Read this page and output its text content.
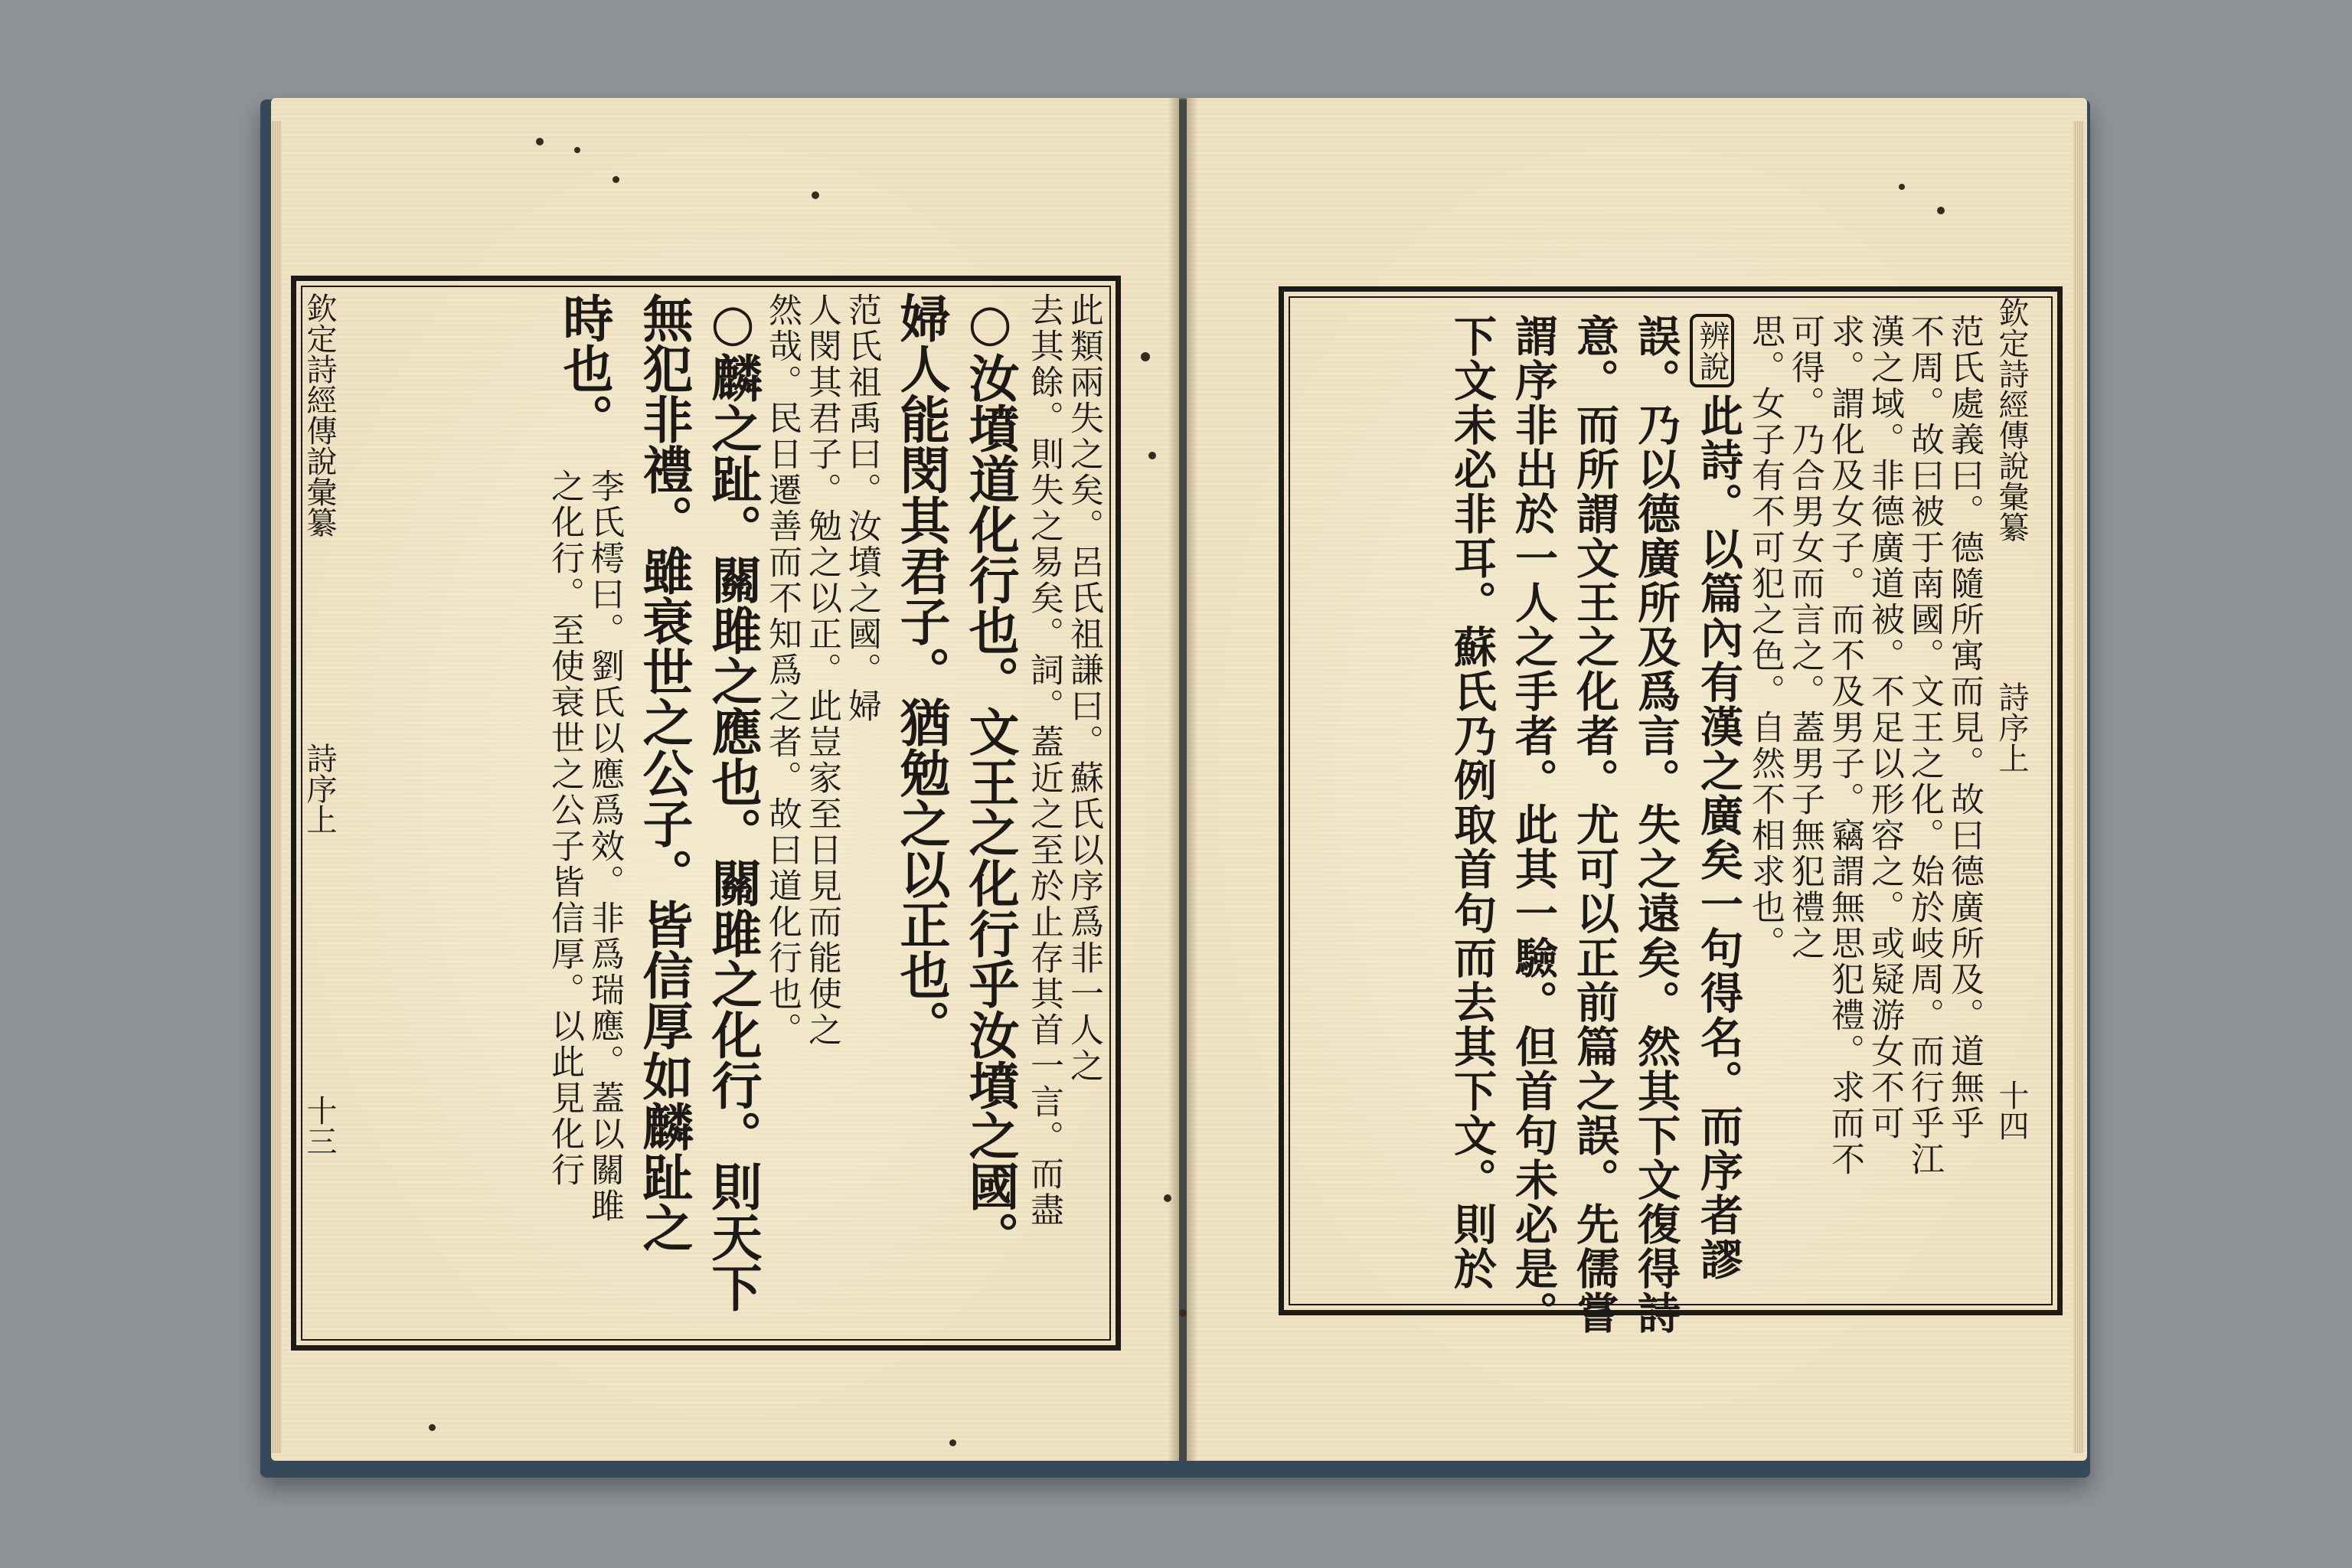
欽定詩經傳說彙纂
詩序上
十三
此類兩失之矣。呂氏祖謙曰。蘇氏以序爲非一人之
去其餘。則失之易矣。詞。蓋近之至於止存其首一言。而盡
○汝墳道化行也。文王之化行乎汝墳之國。
婦人能閔其君子。猶勉之以正也。
范氏祖禹曰。汝墳之國。婦
人閔其君子。勉之以正。此豈家至日見而能使之
然哉。民日遷善而不知爲之者。故曰道化行也。
○麟之趾。關雎之應也。關雎之化行。則天下
無犯非禮。雖衰世之公子。皆信厚如麟趾之
時也。
李氏樗曰。劉氏以應爲效。非爲瑞應。蓋以關雎
之化行。至使衰世之公子皆信厚。以此見化行
欽定詩經傳說彙纂
詩序上
十四
范氏處義曰。德隨所寓而見。故曰德廣所及。道無乎
不周。故曰被于南國。文王之化。始於岐周。而行乎江
漢之域。非德廣道被。不足以形容之。或疑游女不可
求。謂化及女子。而不及男子。竊謂無思犯禮。求而不
可得。乃合男女而言之。蓋男子無犯禮之
思。女子有不可犯之色。自然不相求也。
辨說
此詩。以篇內有漢之廣矣一句得名。而序者謬
誤。乃以德廣所及爲言。失之遠矣。然其下文復得詩
意。而所謂文王之化者。尤可以正前篇之誤。先儒嘗
謂序非出於一人之手者。此其一驗。但首句未必是。
下文未必非耳。蘇氏乃例取首句而去其下文。則於
